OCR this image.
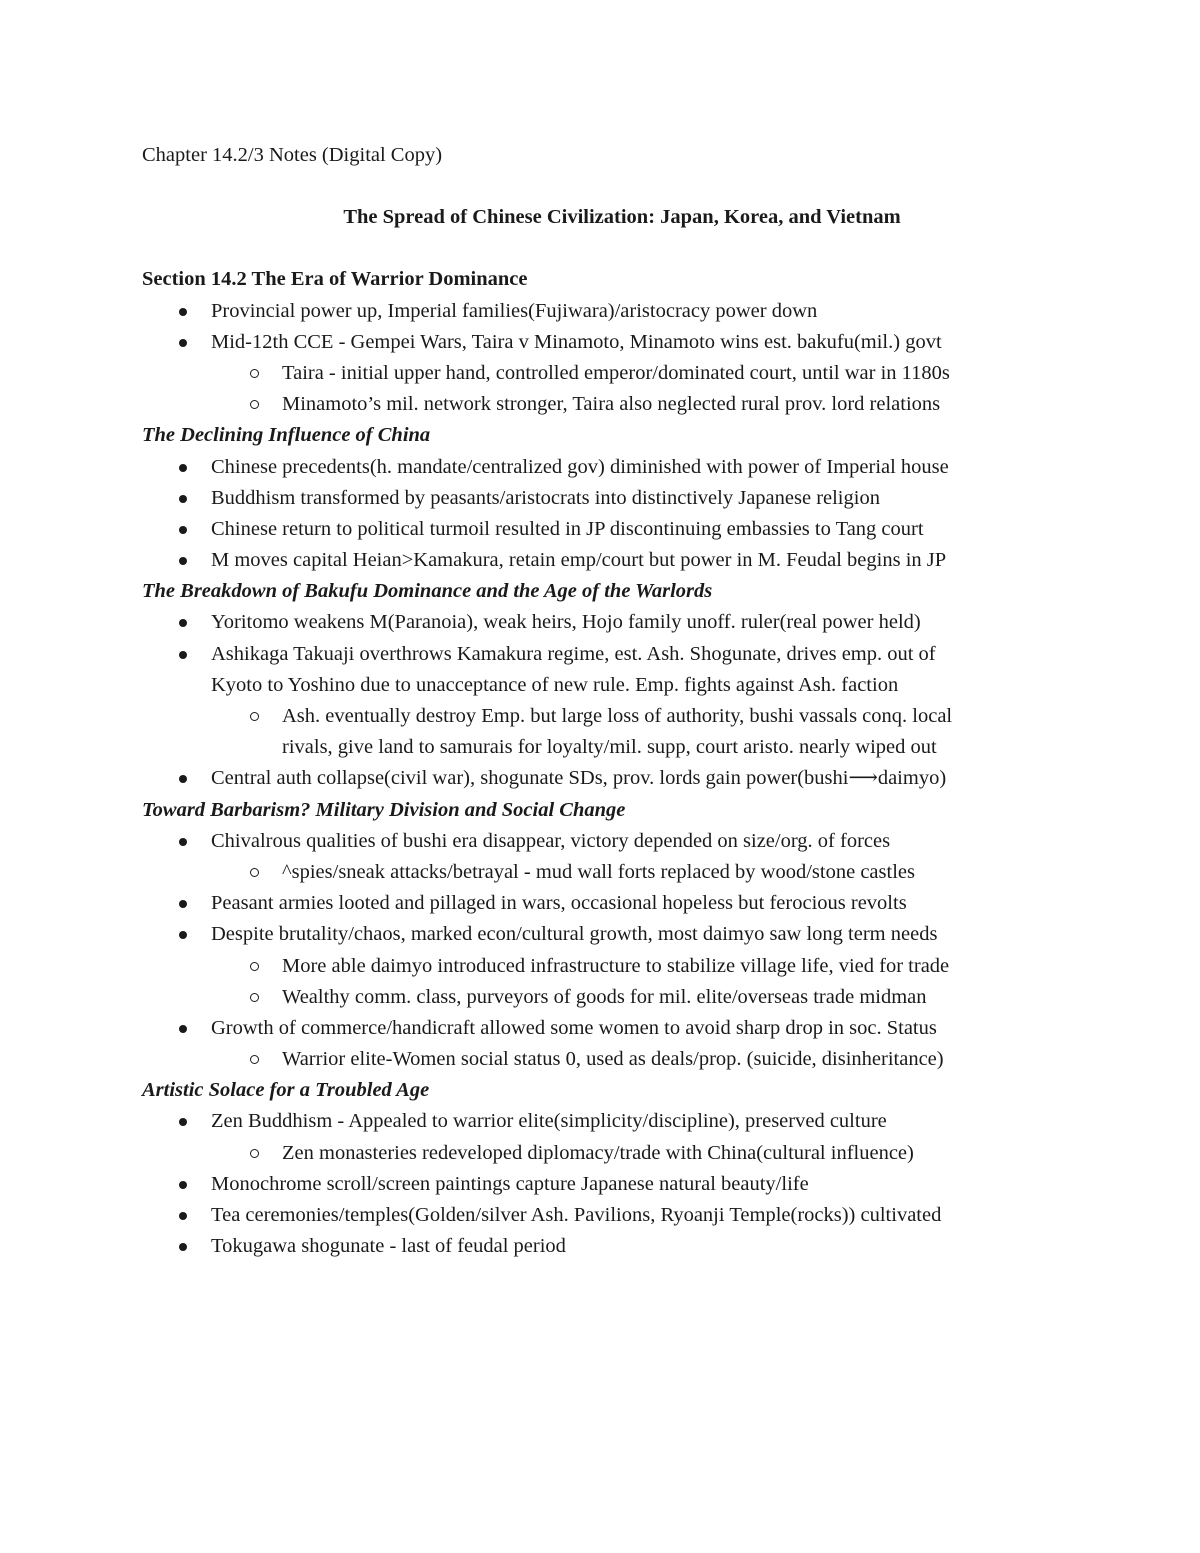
Chapter 14.2/3 Notes (Digital Copy)
The Spread of Chinese Civilization: Japan, Korea, and Vietnam
Section 14.2 The Era of Warrior Dominance
Provincial power up, Imperial families(Fujiwara)/aristocracy power down
Mid-12th CCE - Gempei Wars, Taira v Minamoto, Minamoto wins est. bakufu(mil.) govt
Taira - initial upper hand, controlled emperor/dominated court, until war in 1180s
Minamoto’s mil. network stronger, Taira also neglected rural prov. lord relations
The Declining Influence of China
Chinese precedents(h. mandate/centralized gov) diminished with power of Imperial house
Buddhism transformed by peasants/aristocrats into distinctively Japanese religion
Chinese return to political turmoil resulted in JP discontinuing embassies to Tang court
M moves capital Heian>Kamakura, retain emp/court but power in M. Feudal begins in JP
The Breakdown of Bakufu Dominance and the Age of the Warlords
Yoritomo weakens M(Paranoia), weak heirs, Hojo family unoff. ruler(real power held)
Ashikaga Takuaji overthrows Kamakura regime, est. Ash. Shogunate, drives emp. out of
Kyoto to Yoshino due to unacceptance of new rule. Emp. fights against Ash. faction
Ash. eventually destroy Emp. but large loss of authority, bushi vassals conq. local
rivals, give land to samurais for loyalty/mil. supp, court aristo. nearly wiped out
Central auth collapse(civil war), shogunate SDs, prov. lords gain power(bushi⟶daimyo)
Toward Barbarism? Military Division and Social Change
Chivalrous qualities of bushi era disappear, victory depended on size/org. of forces
^spies/sneak attacks/betrayal - mud wall forts replaced by wood/stone castles
Peasant armies looted and pillaged in wars, occasional hopeless but ferocious revolts
Despite brutality/chaos, marked econ/cultural growth, most daimyo saw long term needs
More able daimyo introduced infrastructure to stabilize village life, vied for trade
Wealthy comm. class, purveyors of goods for mil. elite/overseas trade midman
Growth of commerce/handicraft allowed some women to avoid sharp drop in soc. Status
Warrior elite-Women social status 0, used as deals/prop. (suicide, disinheritance)
Artistic Solace for a Troubled Age
Zen Buddhism - Appealed to warrior elite(simplicity/discipline), preserved culture
Zen monasteries redeveloped diplomacy/trade with China(cultural influence)
Monochrome scroll/screen paintings capture Japanese natural beauty/life
Tea ceremonies/temples(Golden/silver Ash. Pavilions, Ryoanji Temple(rocks)) cultivated
Tokugawa shogunate - last of feudal period
